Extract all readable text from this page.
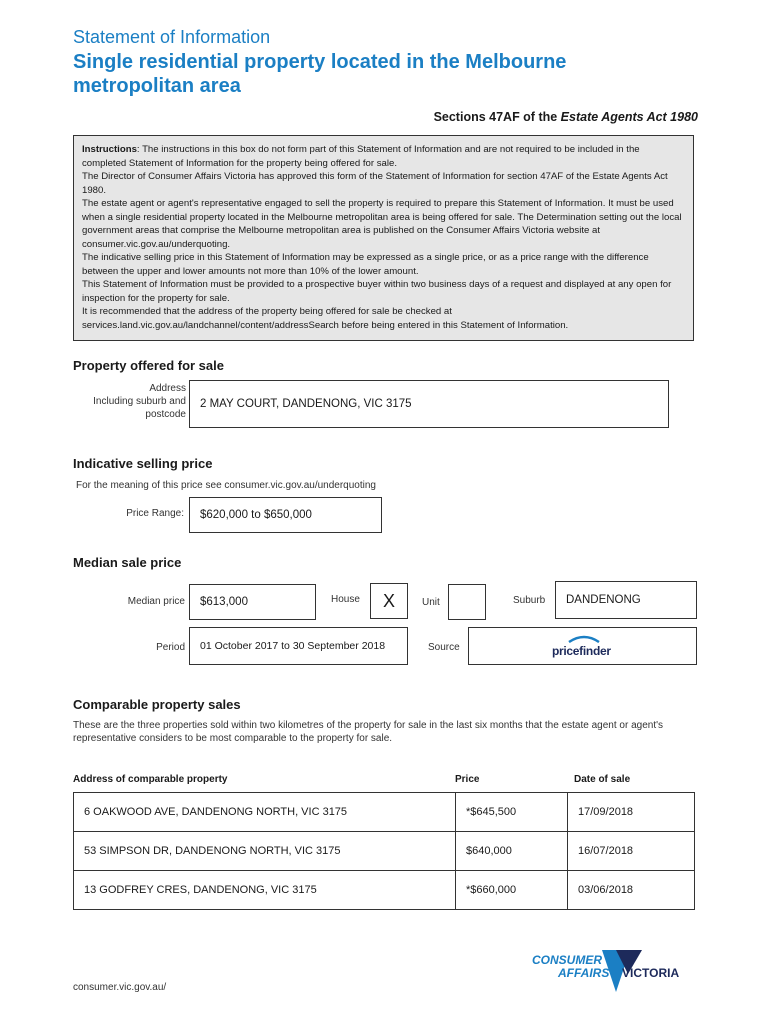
Statement of Information
Single residential property located in the Melbourne metropolitan area
Sections 47AF of the Estate Agents Act 1980

Instructions: The instructions in this box do not form part of this Statement of Information and are not required to be included in the completed Statement of Information for the property being offered for sale.

The Director of Consumer Affairs Victoria has approved this form of the Statement of Information for section 47AF of the Estate Agents Act 1980.

The estate agent or agent's representative engaged to sell the property is required to prepare this Statement of Information. It must be used when a single residential property located in the Melbourne metropolitan area is being offered for sale. The Determination setting out the local government areas that comprise the Melbourne metropolitan area is published on the Consumer Affairs Victoria website at consumer.vic.gov.au/underquoting.

The indicative selling price in this Statement of Information may be expressed as a single price, or as a price range with the difference between the upper and lower amounts not more than 10% of the lower amount.

This Statement of Information must be provided to a prospective buyer within two business days of a request and displayed at any open for inspection for the property for sale.

It is recommended that the address of the property being offered for sale be checked at services.land.vic.gov.au/landchannel/content/addressSearch before being entered in this Statement of Information.

Property offered for sale
Address
Including suburb and
postcode
2 MAY COURT, DANDENONG, VIC 3175
Indicative selling price
For the meaning of this price see consumer.vic.gov.au/underquoting
Price Range:	$620,000 to $650,000
Median sale price
Median price	$613,000	House	X	Unit	Suburb	DANDENONG
Period	01 October 2017 to 30 September 2018	Source	pricefinder
Comparable property sales
These are the three properties sold within two kilometres of the property for sale in the last six months that the estate agent or agent's representative considers to be most comparable to the property for sale.
Address of comparable property	Price	Date of sale
6 OAKWOOD AVE, DANDENONG NORTH, VIC 3175	*$645,500	17/09/2018
53 SIMPSON DR, DANDENONG NORTH, VIC 3175	$640,000	16/07/2018
13 GODFREY CRES, DANDENONG, VIC 3175	*$660,000	03/06/2018
consumer.vic.gov.au/
CONSUMER
AFFAIRS VICTORIA
